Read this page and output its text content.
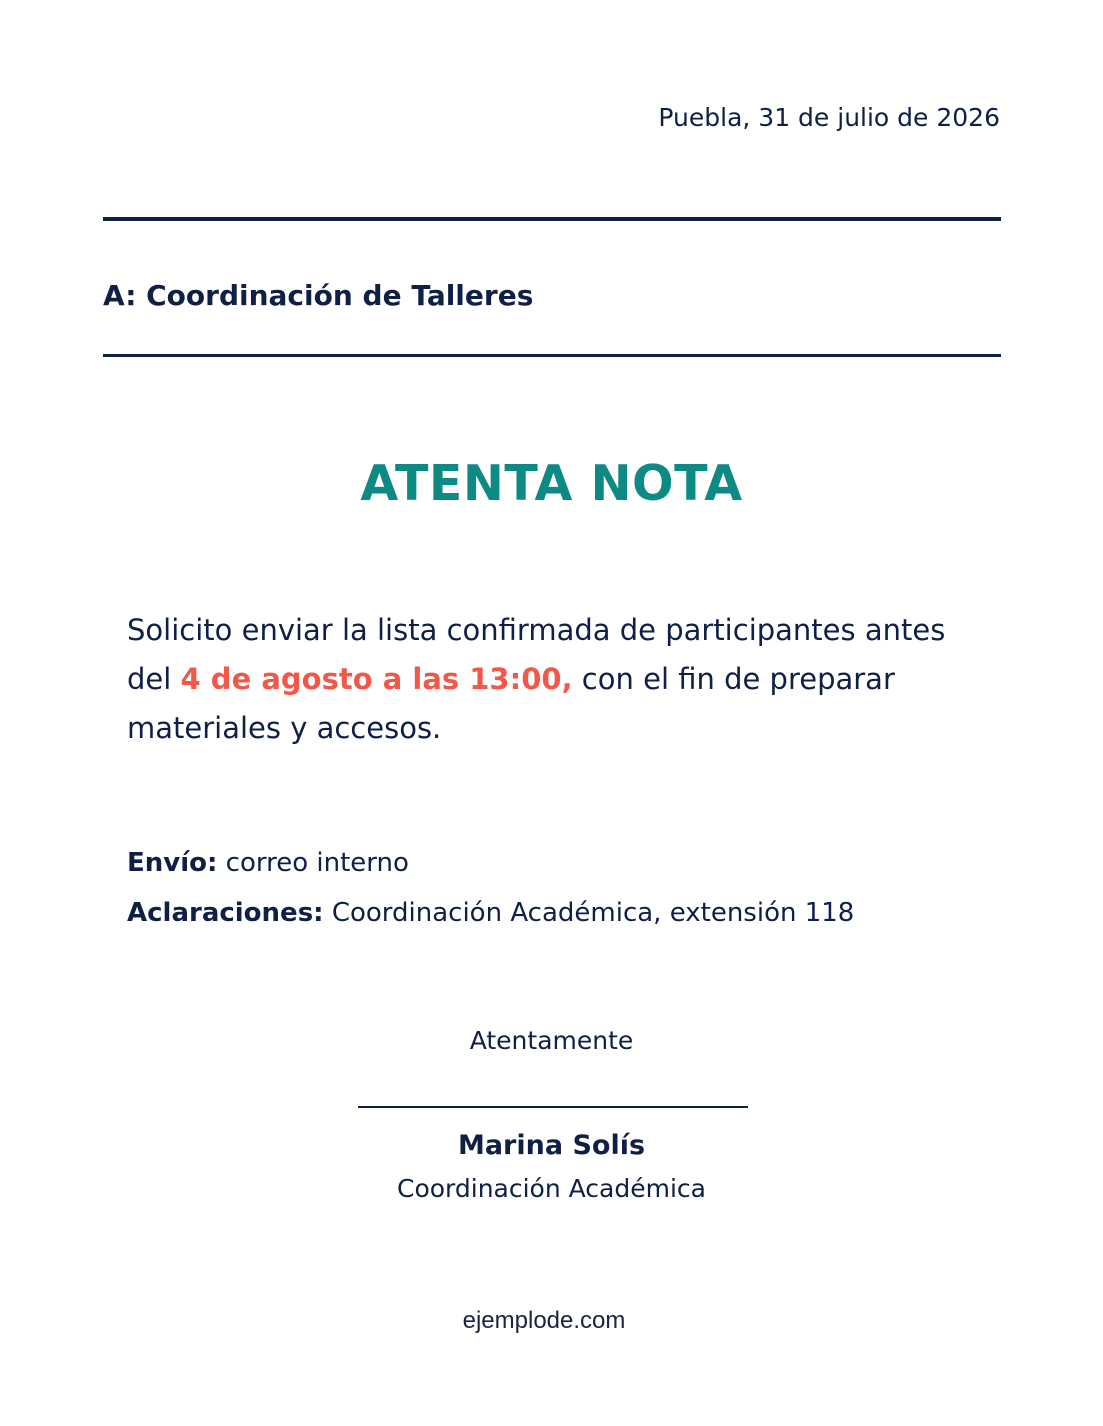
Puebla, 31 de julio de 2026
A: Coordinación de Talleres
ATENTA NOTA
Solicito enviar la lista confirmada de participantes antes del 4 de agosto a las 13:00, con el fin de preparar materiales y accesos.
Envío: correo interno
Aclaraciones: Coordinación Académica, extensión 118
Atentamente
Marina Solís
Coordinación Académica
ejemplode.com
